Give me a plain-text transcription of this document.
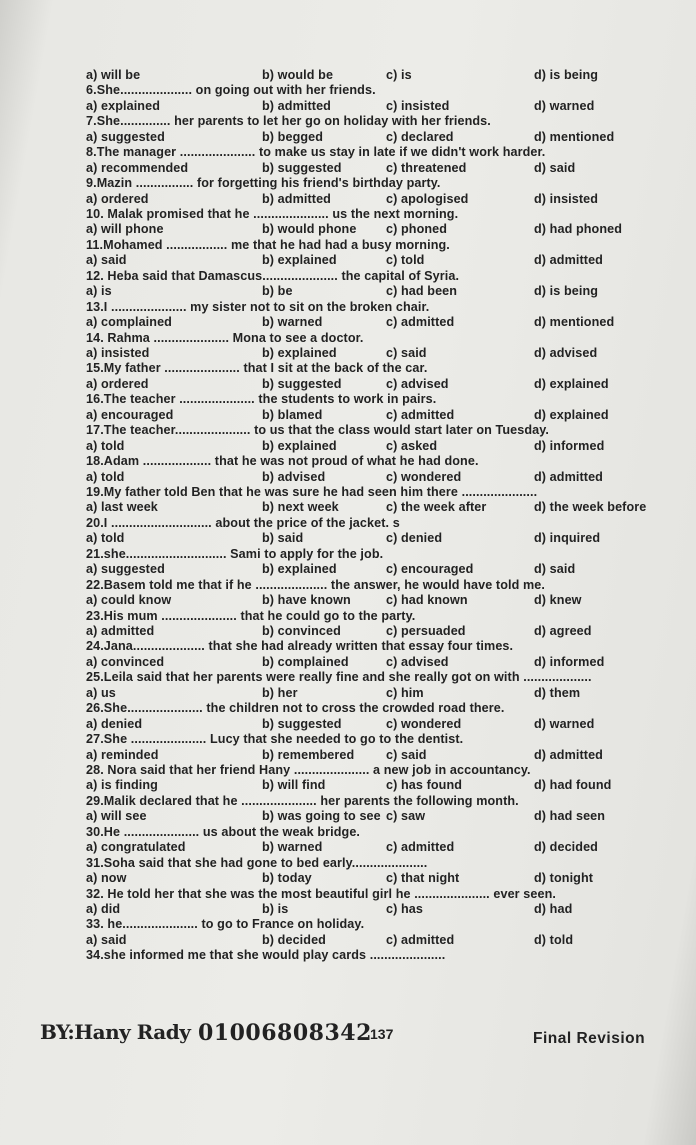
a) will be	b) would be	c) is	d) is being
6.She.................... on going out with her friends.
a) explained	b) admitted	c) insisted	d) warned
7.She.............. her parents to let her go on holiday with her friends.
a) suggested	b) begged	c) declared	d) mentioned
8.The manager ..................... to make us stay in late if we didn't work harder.
a) recommended	b) suggested	c) threatened	d) said
9.Mazin ................ for forgetting his friend's birthday party.
a) ordered	b) admitted	c) apologised	d) insisted
10. Malak promised that he ..................... us the next morning.
a) will phone	b) would phone c) phoned	d) had phoned
11.Mohamed ................. me that he had had a busy morning.
a) said	b) explained	c) told	d) admitted
12. Heba said that Damascus..................... the capital of Syria.
a) is	b) be	c) had been	d) is being
13.I ..................... my sister not to sit on the broken chair.
a) complained	b) warned	c) admitted	d) mentioned
14. Rahma ..................... Mona to see a doctor.
a) insisted	b) explained	c) said	d) advised
15.My father ..................... that I sit at the back of the car.
a) ordered	b) suggested	c) advised	d) explained
16.The teacher ..................... the students to work in pairs.
a) encouraged	b) blamed	c) admitted	d) explained
17.The teacher..................... to us that the class would start later on Tuesday.
a) told	b) explained	c) asked	d) informed
18.Adam ................... that he was not proud of what he had done.
a) told	b) advised	c) wondered	d) admitted
19.My father told Ben that he was sure he had seen him there .....................
a) last week	b) next week	c) the week after	d) the week before
20.I ............................ about the price of the jacket. s
a) told	b) said	c) denied	d) inquired
21.she............................ Sami to apply for the job.
a) suggested	b) explained	c) encouraged	d) said
22.Basem told me that if he .................... the answer, he would have told me.
a) could know	b) have known	c) had known	d) knew
23.His mum ..................... that he could go to the party.
a) admitted	b) convinced	c) persuaded	d) agreed
24.Jana.................... that she had already written that essay four times.
a) convinced	b) complained	c) advised	d) informed
25.Leila said that her parents were really fine and she really got on with ...................
a) us	b) her	c) him	d) them
26.She..................... the children not to cross the crowded road there.
a) denied	b) suggested	c) wondered	d) warned
27.She ..................... Lucy that she needed to go to the dentist.
a) reminded	b) remembered	c) said	d) admitted
28. Nora said that her friend Hany ..................... a new job in accountancy.
a) is finding	b) will find	c) has found	d) had found
29.Malik declared that he ..................... her parents the following month.
a) will see	b) was going to see c) saw	d) had seen
30.He ..................... us about the weak bridge.
a) congratulated	b) warned	c) admitted	d) decided
31.Soha said that she had gone to bed early.....................
a) now	b) today	c) that night	d) tonight
32. He told her that she was the most beautiful girl he ..................... ever seen.
a) did	b) is	c) has	d) had
33. he..................... to go to France on holiday.
a) said	b) decided	c) admitted	d) told
34.she informed me that she would play cards .....................
BY:Hany Rady 01006808342
137	Final Revision
